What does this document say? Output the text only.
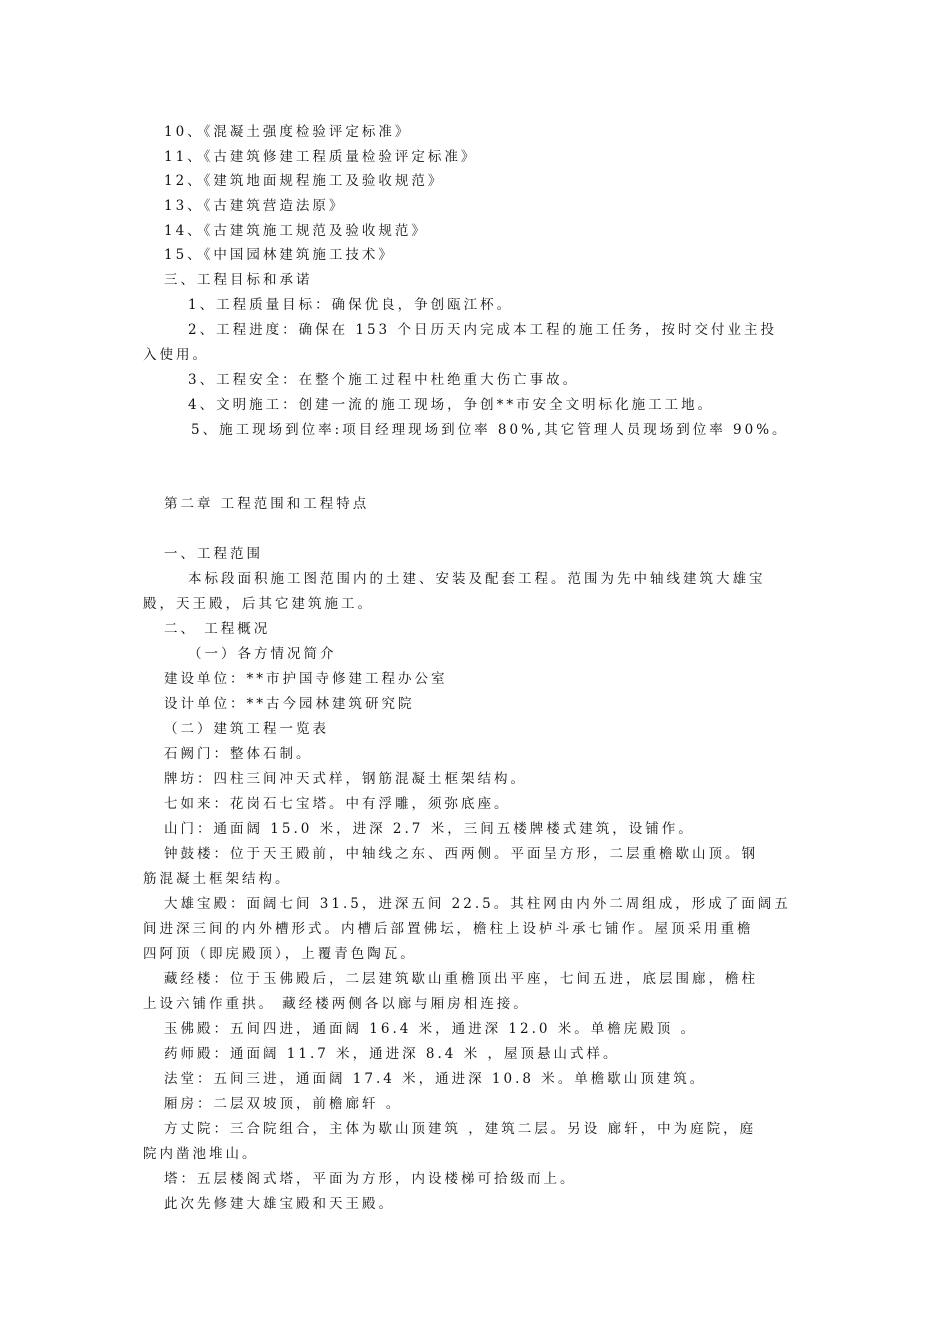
10、《混凝土强度检验评定标准》
11、《古建筑修建工程质量检验评定标准》
12、《建筑地面规程施工及验收规范》
13、《古建筑营造法原》
14、《古建筑施工规范及验收规范》
15、《中国园林建筑施工技术》
三、工程目标和承诺
1、工程质量目标：确保优良，争创瓯江杯。
2、工程进度：确保在 153 个日历天内完成本工程的施工任务，按时交付业主投
入使用。
3、工程安全：在整个施工过程中杜绝重大伤亡事故。
4、文明施工：创建一流的施工现场，争创**市安全文明标化施工工地。
5、施工现场到位率:项目经理现场到位率 80%,其它管理人员现场到位率 90%。
第二章 工程范围和工程特点
一、工程范围
本标段面积施工图范围内的土建、安装及配套工程。范围为先中轴线建筑大雄宝
殿，天王殿，后其它建筑施工。
二、 工程概况
（一）各方情况简介
建设单位：**市护国寺修建工程办公室
设计单位：**古今园林建筑研究院
（二）建筑工程一览表
石阙门：整体石制。
牌坊：四柱三间冲天式样，钢筋混凝土框架结构。
七如来：花岗石七宝塔。中有浮雕，须弥底座。
山门：通面阔 15.0 米，进深 2.7 米，三间五楼牌楼式建筑，设铺作。
钟鼓楼：位于天王殿前，中轴线之东、西两侧。平面呈方形，二层重檐歇山顶。钢
筋混凝土框架结构。
大雄宝殿：面阔七间 31.5，进深五间 22.5。其柱网由内外二周组成，形成了面阔五
间进深三间的内外槽形式。内槽后部置佛坛，檐柱上设栌斗承七铺作。屋顶采用重檐
四阿顶（即庑殿顶），上覆青色陶瓦。
藏经楼：位于玉佛殿后，二层建筑歇山重檐顶出平座，七间五进，底层围廊，檐柱
上设六铺作重拱。 藏经楼两侧各以廊与厢房相连接。
玉佛殿：五间四进，通面阔 16.4 米，通进深 12.0 米。单檐庑殿顶 。
药师殿：通面阔 11.7 米，通进深 8.4 米 ，屋顶悬山式样。
法堂：五间三进，通面阔 17.4 米，通进深 10.8 米。单檐歇山顶建筑。
厢房：二层双坡顶，前檐廊轩 。
方丈院：三合院组合，主体为歇山顶建筑 ，建筑二层。另设 廊轩，中为庭院，庭
院内凿池堆山。
塔：五层楼阁式塔，平面为方形，内设楼梯可拾级而上。
此次先修建大雄宝殿和天王殿。
